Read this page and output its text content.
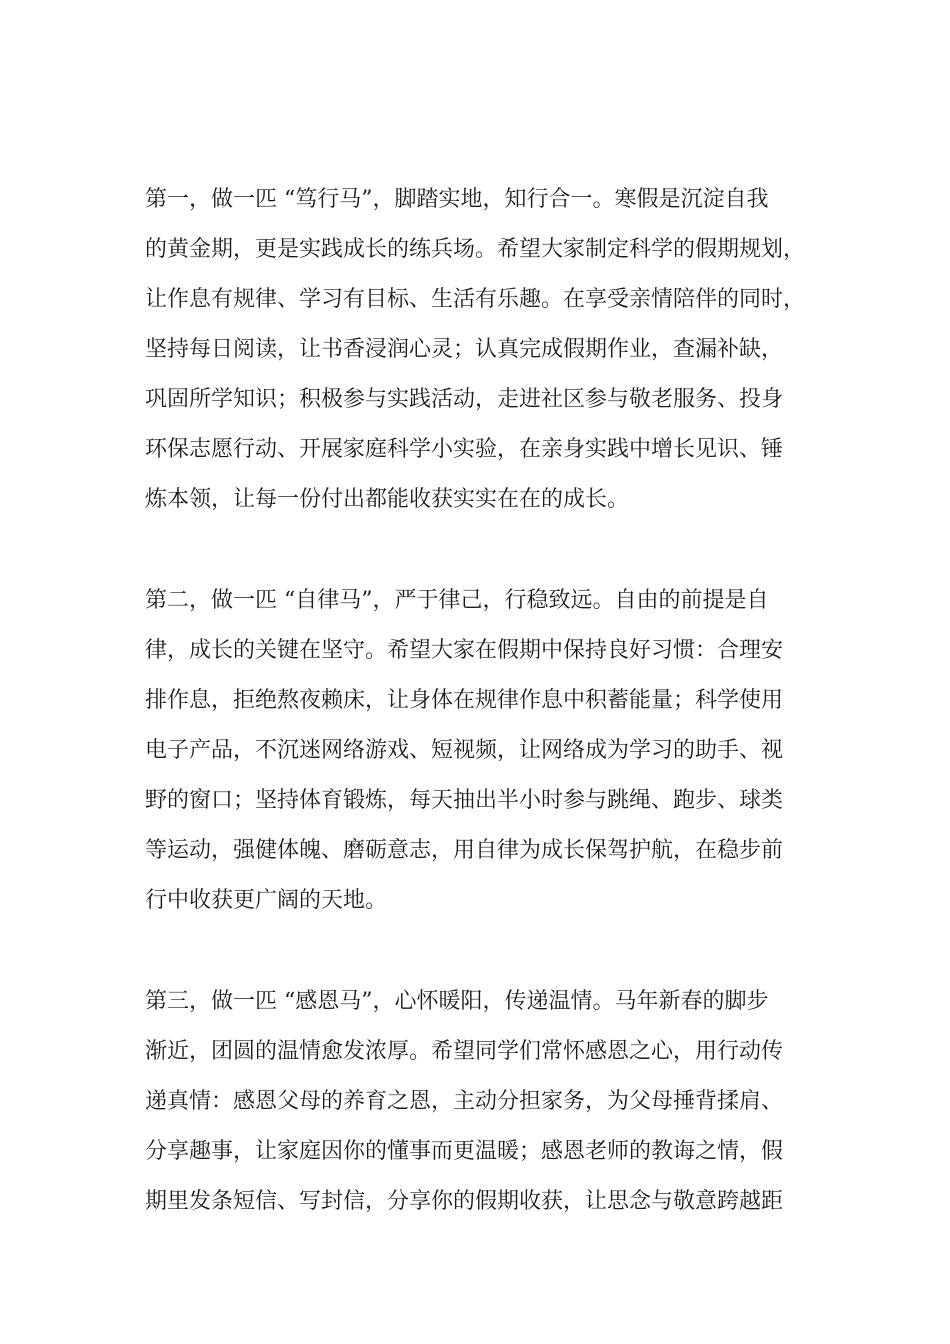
第一，做一匹 “笃行马”，脚踏实地，知行合一。寒假是沉淀自我
的黄金期，更是实践成长的练兵场。希望大家制定科学的假期规划，
让作息有规律、学习有目标、生活有乐趣。在享受亲情陪伴的同时，
坚持每日阅读，让书香浸润心灵；认真完成假期作业，查漏补缺，
巩固所学知识；积极参与实践活动，走进社区参与敬老服务、投身
环保志愿行动、开展家庭科学小实验，在亲身实践中增长见识、锤
炼本领，让每一份付出都能收获实实在在的成长。
第二，做一匹 “自律马”，严于律己，行稳致远。自由的前提是自
律，成长的关键在坚守。希望大家在假期中保持良好习惯：合理安
排作息，拒绝熬夜赖床，让身体在规律作息中积蓄能量；科学使用
电子产品，不沉迷网络游戏、短视频，让网络成为学习的助手、视
野的窗口；坚持体育锻炼，每天抽出半小时参与跳绳、跑步、球类
等运动，强健体魄、磨砺意志，用自律为成长保驾护航，在稳步前
行中收获更广阔的天地。
第三，做一匹 “感恩马”，心怀暖阳，传递温情。马年新春的脚步
渐近，团圆的温情愈发浓厚。希望同学们常怀感恩之心，用行动传
递真情：感恩父母的养育之恩，主动分担家务，为父母捶背揉肩、
分享趣事，让家庭因你的懂事而更温暖；感恩老师的教诲之情，假
期里发条短信、写封信，分享你的假期收获，让思念与敬意跨越距
